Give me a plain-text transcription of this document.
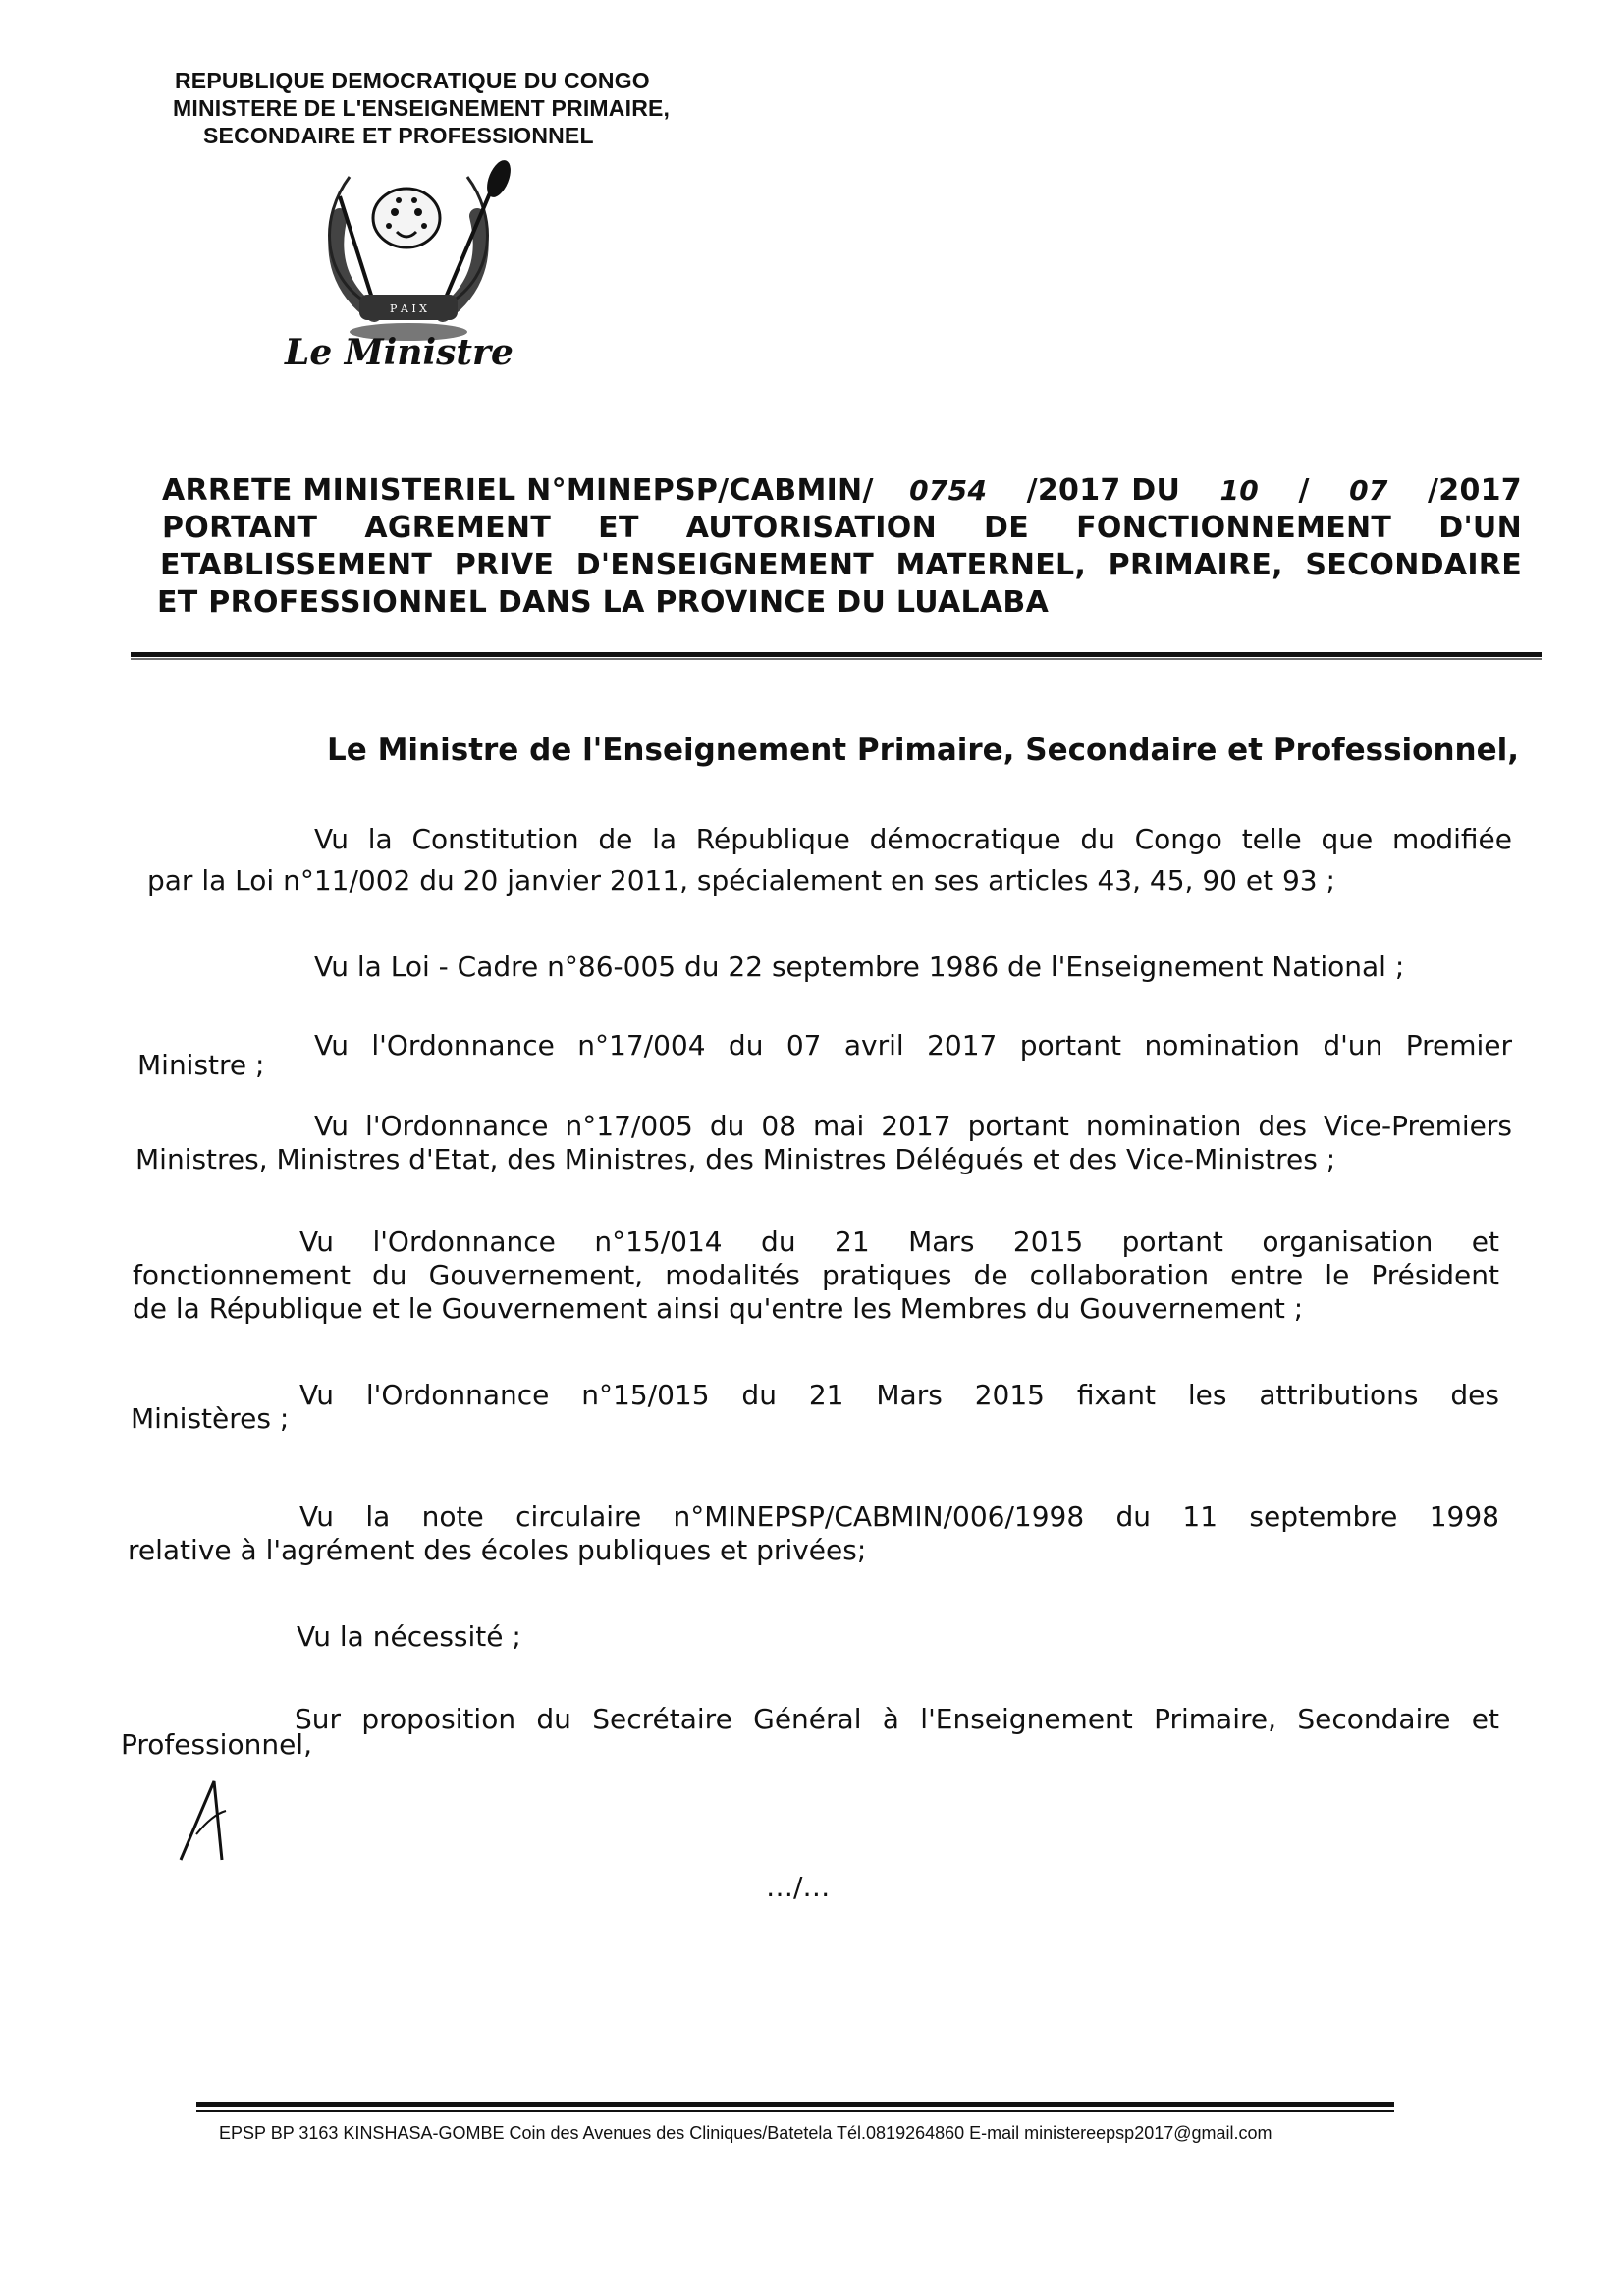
REPUBLIQUE DEMOCRATIQUE DU CONGO
MINISTERE DE L'ENSEIGNEMENT PRIMAIRE,
SECONDAIRE ET PROFESSIONNEL
P A I X
Le Ministre
ARRETE MINISTERIEL N°MINEPSP/CABMIN/ 0754 /2017 DU 10 / 07 /2017
PORTANT AGREMENT ET AUTORISATION DE FONCTIONNEMENT D'UN
ETABLISSEMENT PRIVE D'ENSEIGNEMENT MATERNEL, PRIMAIRE, SECONDAIRE
ET PROFESSIONNEL DANS LA PROVINCE DU LUALABA
Le Ministre de l'Enseignement Primaire, Secondaire et Professionnel,
Vu la Constitution de la République démocratique du Congo telle que modifiée
par la Loi n°11/002 du 20 janvier 2011, spécialement en ses articles 43, 45, 90 et 93 ;
Vu la Loi - Cadre n°86-005 du 22 septembre 1986 de l'Enseignement National ;
Vu l'Ordonnance n°17/004 du 07 avril 2017 portant nomination d'un Premier
Ministre ;
Vu l'Ordonnance n°17/005 du 08 mai 2017 portant nomination des Vice-Premiers
Ministres, Ministres d'Etat, des Ministres, des Ministres Délégués et des Vice-Ministres ;
Vu l'Ordonnance n°15/014 du 21 Mars 2015 portant organisation et
fonctionnement du Gouvernement, modalités pratiques de collaboration entre le Président
de la République et le Gouvernement ainsi qu'entre les Membres du Gouvernement ;
Vu l'Ordonnance n°15/015 du 21 Mars 2015 fixant les attributions des
Ministères ;
Vu la note circulaire n°MINEPSP/CABMIN/006/1998 du 11 septembre 1998
relative à l'agrément des écoles publiques et privées;
Vu la nécessité ;
Sur proposition du Secrétaire Général à l'Enseignement Primaire, Secondaire et
Professionnel,
…/…
EPSP BP 3163 KINSHASA-GOMBE Coin des Avenues des Cliniques/Batetela Tél.0819264860 E-mail ministereepsp2017@gmail.com
